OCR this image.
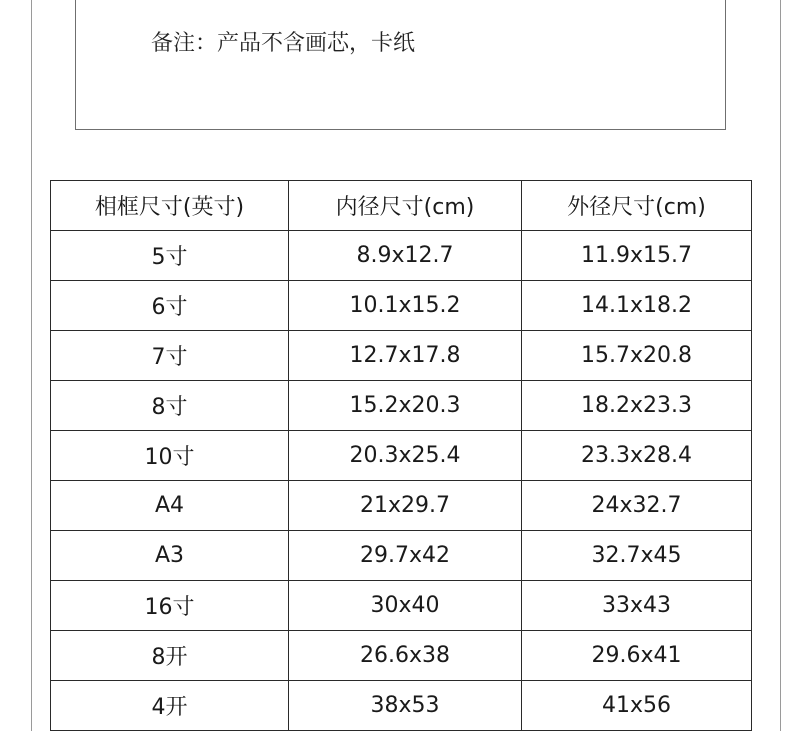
备注：产品不含画芯，卡纸
相框尺寸(英寸)	内径尺寸(cm)	外径尺寸(cm)
5寸	8.9x12.7	11.9x15.7
6寸	10.1x15.2	14.1x18.2
7寸	12.7x17.8	15.7x20.8
8寸	15.2x20.3	18.2x23.3
10寸	20.3x25.4	23.3x28.4
A4	21x29.7	24x32.7
A3	29.7x42	32.7x45
16寸	30x40	33x43
8开	26.6x38	29.6x41
4开	38x53	41x56
